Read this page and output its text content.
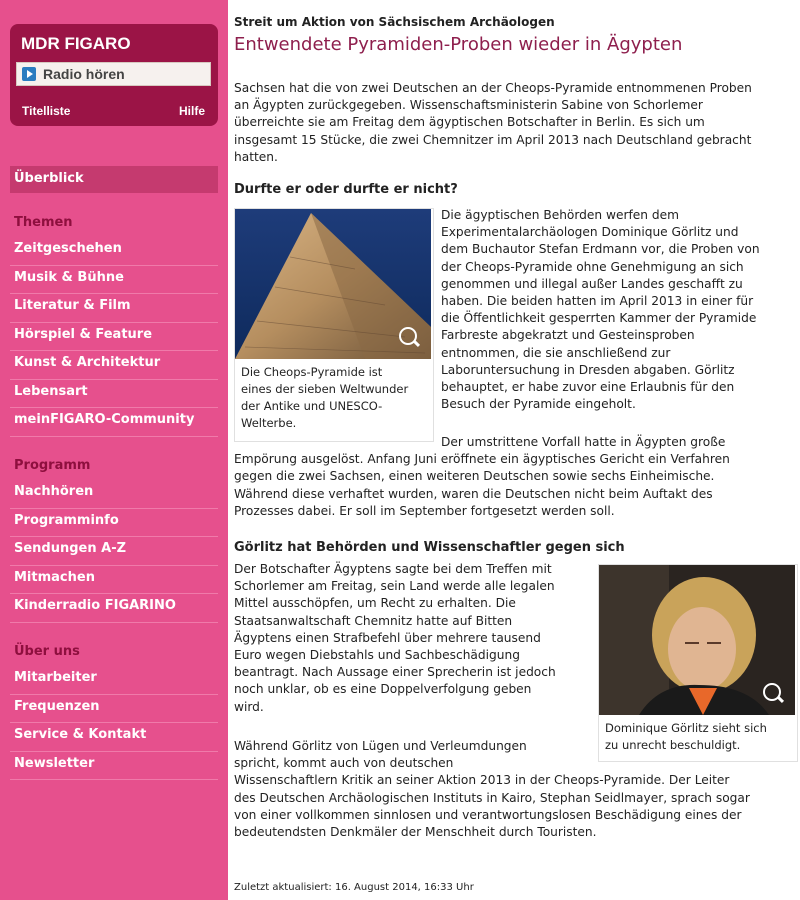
MDR FIGARO
Radio hören
Titelliste	Hilfe
Überblick
Themen
Zeitgeschehen
Musik & Bühne
Literatur & Film
Hörspiel & Feature
Kunst & Architektur
Lebensart
meinFIGARO-Community
Programm
Nachhören
Programminfo
Sendungen A-Z
Mitmachen
Kinderradio FIGARINO
Über uns
Mitarbeiter
Frequenzen
Service & Kontakt
Newsletter
Streit um Aktion von Sächsischem Archäologen
Entwendete Pyramiden-Proben wieder in Ägypten
Sachsen hat die von zwei Deutschen an der Cheops-Pyramide entnommenen Proben
an Ägypten zurückgegeben. Wissenschaftsministerin Sabine von Schorlemer
überreichte sie am Freitag dem ägyptischen Botschafter in Berlin. Es sich um
insgesamt 15 Stücke, die zwei Chemnitzer im April 2013 nach Deutschland gebracht
hatten.
Durfte er oder durfte er nicht?
Die Cheops-Pyramide ist
eines der sieben Weltwunder
der Antike und UNESCO-
Welterbe.
Die ägyptischen Behörden werfen dem
Experimentalarchäologen Dominique Görlitz und
dem Buchautor Stefan Erdmann vor, die Proben von
der Cheops-Pyramide ohne Genehmigung an sich
genommen und illegal außer Landes geschafft zu
haben. Die beiden hatten im April 2013 in einer für
die Öffentlichkeit gesperrten Kammer der Pyramide
Farbreste abgekratzt und Gesteinsproben
entnommen, die sie anschließend zur
Laboruntersuchung in Dresden abgaben. Görlitz
behauptet, er habe zuvor eine Erlaubnis für den
Besuch der Pyramide eingeholt.
Der umstrittene Vorfall hatte in Ägypten große
Empörung ausgelöst. Anfang Juni eröffnete ein ägyptisches Gericht ein Verfahren
gegen die zwei Sachsen, einen weiteren Deutschen sowie sechs Einheimische.
Während diese verhaftet wurden, waren die Deutschen nicht beim Auftakt des
Prozesses dabei. Er soll im September fortgesetzt werden soll.
Görlitz hat Behörden und Wissenschaftler gegen sich
Der Botschafter Ägyptens sagte bei dem Treffen mit
Schorlemer am Freitag, sein Land werde alle legalen
Mittel ausschöpfen, um Recht zu erhalten. Die
Staatsanwaltschaft Chemnitz hatte auf Bitten
Ägyptens einen Strafbefehl über mehrere tausend
Euro wegen Diebstahls und Sachbeschädigung
beantragt. Nach Aussage einer Sprecherin ist jedoch
noch unklar, ob es eine Doppelverfolgung geben
wird.
Dominique Görlitz sieht sich
zu unrecht beschuldigt.
Während Görlitz von Lügen und Verleumdungen
spricht, kommt auch von deutschen
Wissenschaftlern Kritik an seiner Aktion 2013 in der Cheops-Pyramide. Der Leiter
des Deutschen Archäologischen Instituts in Kairo, Stephan Seidlmayer, sprach sogar
von einer vollkommen sinnlosen und verantwortungslosen Beschädigung eines der
bedeutendsten Denkmäler der Menschheit durch Touristen.
Zuletzt aktualisiert: 16. August 2014, 16:33 Uhr
